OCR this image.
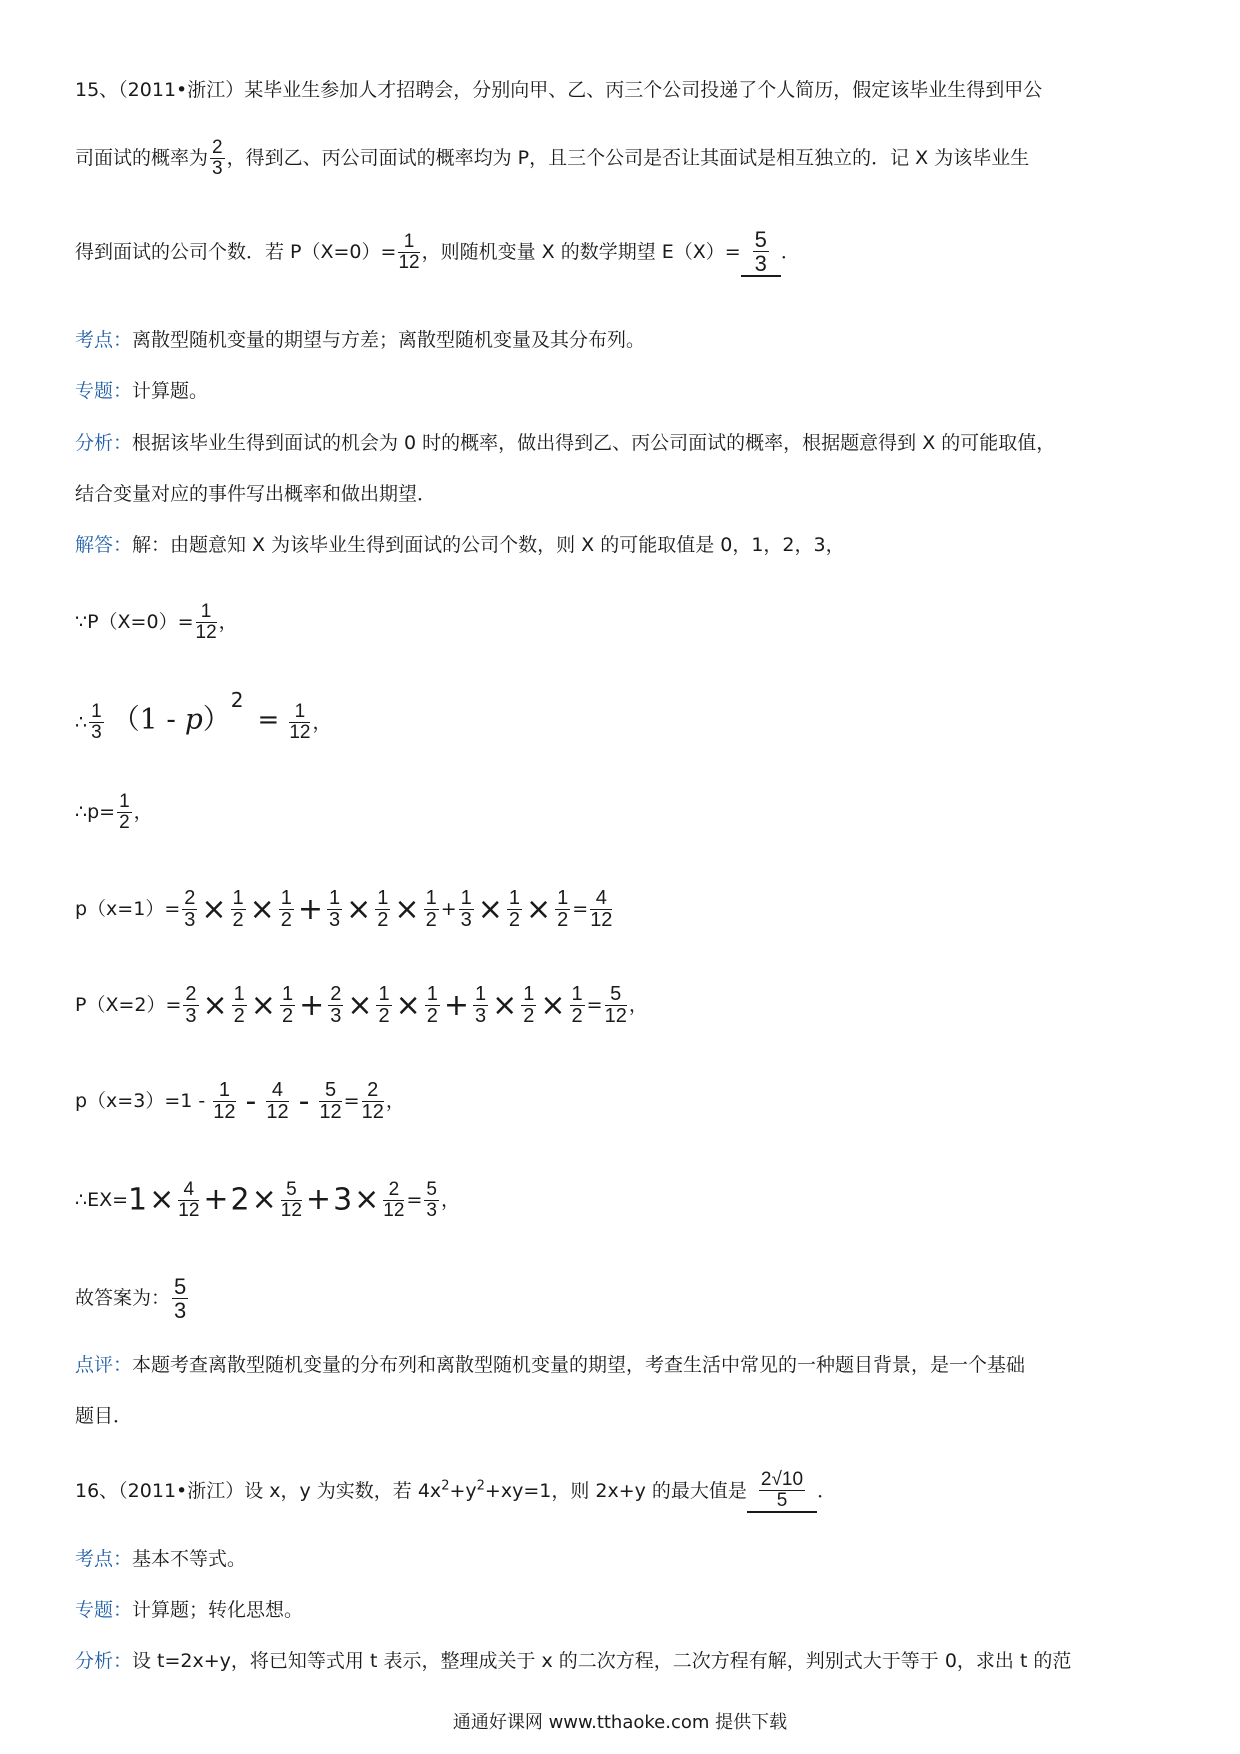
15、（2011•浙江）某毕业生参加人才招聘会，分别向甲、乙、丙三个公司投递了个人简历，假定该毕业生得到甲公
司面试的概率为 $\frac{2}{3}$ ，得到乙、丙公司面试的概率均为 P，且三个公司是否让其面试是相互独立的．记 X 为该毕业生
得到面试的公司个数．若 $P(X=0)= \frac{1}{12}$ ，则随机变量 X 的数学期望 $E(X)= \frac{5}{3}$ ．
考点：离散型随机变量的期望与方差；离散型随机变量及其分布列。
专题：计算题。
分析：根据该毕业生得到面试的机会为 0 时的概率，做出得到乙、丙公司面试的概率，根据题意得到 X 的可能取值，
结合变量对应的事件写出概率和做出期望．
解答：解：由题意知 X 为该毕业生得到面试的公司个数，则 X 的可能取值是 0，1，2，3，
∵P（X=0）= $\frac{1}{12}$ ，
∴ $\frac{1}{3} (1 - p)^2 = \frac{1}{12}$ ，
∴p= $\frac{1}{2}$ ，
$p(x=1)= \frac{2}{3} \times \frac{1}{2} \times \frac{1}{2} + \frac{1}{3} \times \frac{1}{2} \times \frac{1}{2} + \frac{1}{3} \times \frac{1}{2} \times \frac{1}{2} = \frac{4}{12}$
$P(X=2)= \frac{2}{3} \times \frac{1}{2} \times \frac{1}{2} + \frac{2}{3} \times \frac{1}{2} \times \frac{1}{2} + \frac{1}{3} \times \frac{1}{2} \times \frac{1}{2} = \frac{5}{12}$ ，
$p(x=3)=1 - \frac{1}{12} - \frac{4}{12} - \frac{5}{12} = \frac{2}{12}$ ，
∴EX=1× $\frac{4}{12} +2\times \frac{5}{12} +3\times \frac{2}{12} = \frac{5}{3}$ ，
故答案为： $\frac{5}{3}$
点评：本题考查离散型随机变量的分布列和离散型随机变量的期望，考查生活中常见的一种题目背景，是一个基础
题目．
16、（2011•浙江）设 x，y 为实数，若 $4x^2+y^2+xy=1$，则 2x+y 的最大值是 $\frac{2√10}{5}$ ．
考点：基本不等式。
专题：计算题；转化思想。
分析：设 t=2x+y，将已知等式用 t 表示，整理成关于 x 的二次方程，二次方程有解，判别式大于等于 0，求出 t 的范
通通好课网 www.tthaoke.com 提供下载
